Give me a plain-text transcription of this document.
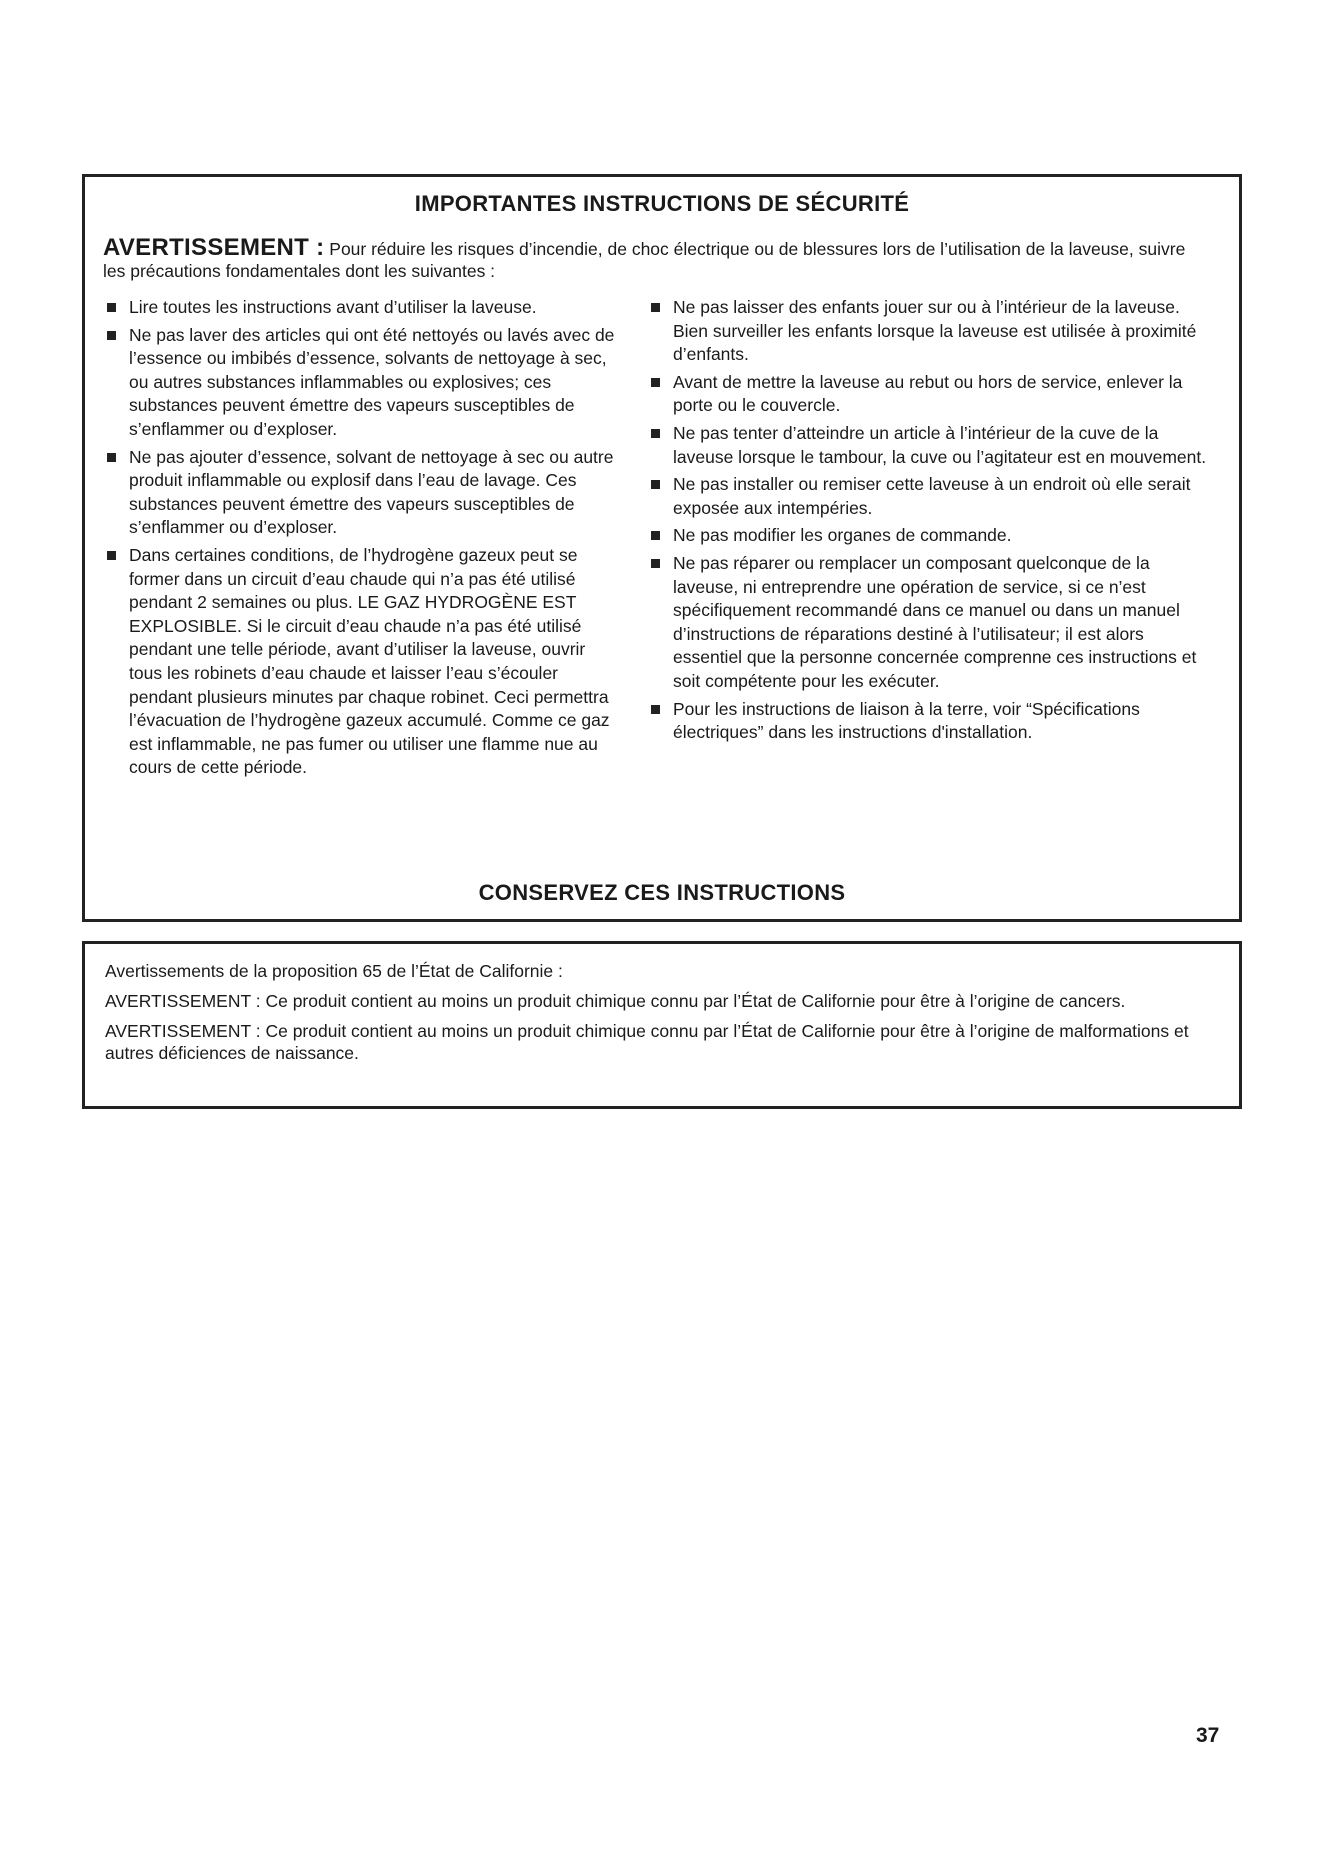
IMPORTANTES INSTRUCTIONS DE SÉCURITÉ

AVERTISSEMENT : Pour réduire les risques d’incendie, de choc électrique ou de blessures lors de l’utilisation de la laveuse, suivre les précautions fondamentales dont les suivantes :

Lire toutes les instructions avant d’utiliser la laveuse.
Ne pas laver des articles qui ont été nettoyés ou lavés avec de l’essence ou imbibés d’essence, solvants de nettoyage à sec, ou autres substances inflammables ou explosives; ces substances peuvent émettre des vapeurs susceptibles de s’enflammer ou d’exploser.
Ne pas ajouter d’essence, solvant de nettoyage à sec ou autre produit inflammable ou explosif dans l’eau de lavage. Ces substances peuvent émettre des vapeurs susceptibles de s’enflammer ou d’exploser.
Dans certaines conditions, de l’hydrogène gazeux peut se former dans un circuit d’eau chaude qui n’a pas été utilisé pendant 2 semaines ou plus. LE GAZ HYDROGÈNE EST EXPLOSIBLE. Si le circuit d’eau chaude n’a pas été utilisé pendant une telle période, avant d’utiliser la laveuse, ouvrir tous les robinets d’eau chaude et laisser l’eau s’écouler pendant plusieurs minutes par chaque robinet. Ceci permettra l’évacuation de l’hydrogène gazeux accumulé. Comme ce gaz est inflammable, ne pas fumer ou utiliser une flamme nue au cours de cette période.
Ne pas laisser des enfants jouer sur ou à l’intérieur de la laveuse. Bien surveiller les enfants lorsque la laveuse est utilisée à proximité d’enfants.
Avant de mettre la laveuse au rebut ou hors de service, enlever la porte ou le couvercle.
Ne pas tenter d’atteindre un article à l’intérieur de la cuve de la laveuse lorsque le tambour, la cuve ou l’agitateur est en mouvement.
Ne pas installer ou remiser cette laveuse à un endroit où elle serait exposée aux intempéries.
Ne pas modifier les organes de commande.
Ne pas réparer ou remplacer un composant quelconque de la laveuse, ni entreprendre une opération de service, si ce n’est spécifiquement recommandé dans ce manuel ou dans un manuel d’instructions de réparations destiné à l’utilisateur; il est alors essentiel que la personne concernée comprenne ces instructions et soit compétente pour les exécuter.
Pour les instructions de liaison à la terre, voir “Spécifications électriques” dans les instructions d'installation.
CONSERVEZ CES INSTRUCTIONS

Avertissements de la proposition 65 de l’État de Californie :

AVERTISSEMENT : Ce produit contient au moins un produit chimique connu par l’État de Californie pour être à l’origine de cancers.

AVERTISSEMENT : Ce produit contient au moins un produit chimique connu par l’État de Californie pour être à l’origine de malformations et autres déficiences de naissance.

37
